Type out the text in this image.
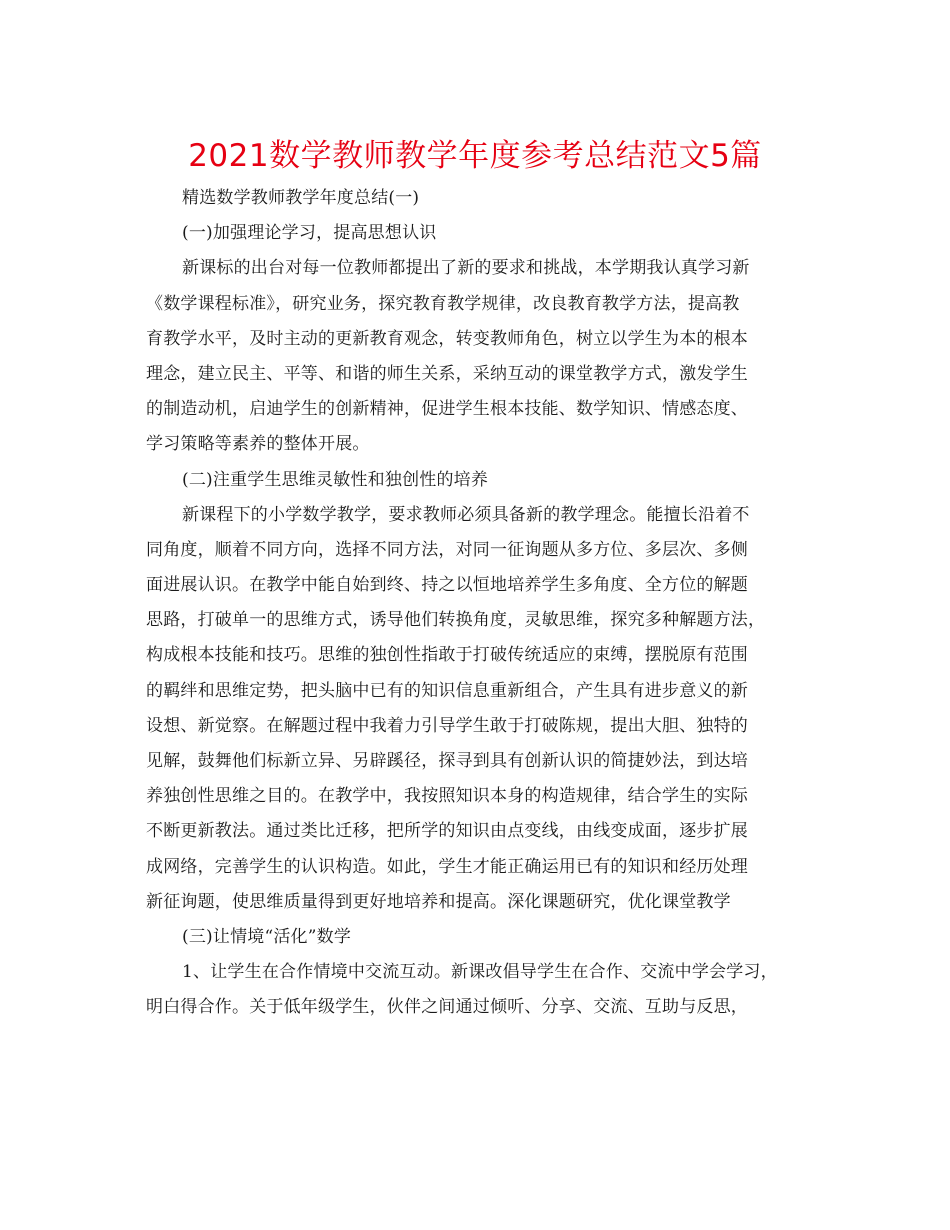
2021数学教师教学年度参考总结范文5篇
精选数学教师教学年度总结(一)
(一)加强理论学习，提高思想认识
新课标的出台对每一位教师都提出了新的要求和挑战，本学期我认真学习新
《数学课程标准》，研究业务，探究教育教学规律，改良教育教学方法，提高教
育教学水平，及时主动的更新教育观念，转变教师角色，树立以学生为本的根本
理念，建立民主、平等、和谐的师生关系，采纳互动的课堂教学方式，激发学生
的制造动机，启迪学生的创新精神，促进学生根本技能、数学知识、情感态度、
学习策略等素养的整体开展。
(二)注重学生思维灵敏性和独创性的培养
新课程下的小学数学教学，要求教师必须具备新的教学理念。能擅长沿着不
同角度，顺着不同方向，选择不同方法，对同一征询题从多方位、多层次、多侧
面进展认识。在教学中能自始到终、持之以恒地培养学生多角度、全方位的解题
思路，打破单一的思维方式，诱导他们转换角度，灵敏思维，探究多种解题方法，
构成根本技能和技巧。思维的独创性指敢于打破传统适应的束缚，摆脱原有范围
的羁绊和思维定势，把头脑中已有的知识信息重新组合，产生具有进步意义的新
设想、新觉察。在解题过程中我着力引导学生敢于打破陈规，提出大胆、独特的
见解，鼓舞他们标新立异、另辟蹊径，探寻到具有创新认识的简捷妙法，到达培
养独创性思维之目的。在教学中，我按照知识本身的构造规律，结合学生的实际
不断更新教法。通过类比迁移，把所学的知识由点变线，由线变成面，逐步扩展
成网络，完善学生的认识构造。如此，学生才能正确运用已有的知识和经历处理
新征询题，使思维质量得到更好地培养和提高。深化课题研究，优化课堂教学
(三)让情境“活化”数学
1、让学生在合作情境中交流互动。新课改倡导学生在合作、交流中学会学习，
明白得合作。关于低年级学生，伙伴之间通过倾听、分享、交流、互助与反思，
